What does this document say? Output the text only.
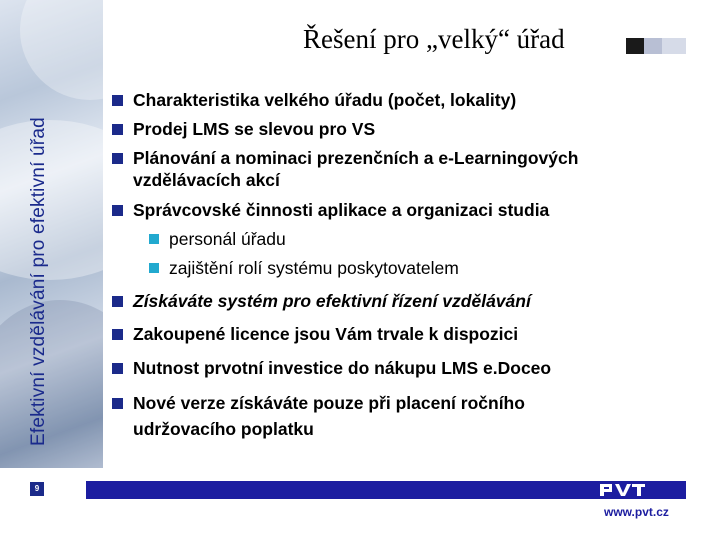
Efektivní vzdělávání pro efektivní úřad
Řešení pro „velký“ úřad
Charakteristika velkého úřadu (počet, lokality)
Prodej LMS se slevou pro VS
Plánování a nominaci prezenčních a e-Learningových
vzdělávacích akcí
Správcovské činnosti aplikace a organizaci studia
personál úřadu
zajištění rolí systému poskytovatelem
Získáváte systém pro efektivní řízení vzdělávání
Zakoupené licence jsou Vám trvale k dispozici
Nutnost prvotní investice do nákupu LMS e.Doceo
Nové verze získáváte pouze při placení ročního
udržovacího poplatku
9
www.pvt.cz
